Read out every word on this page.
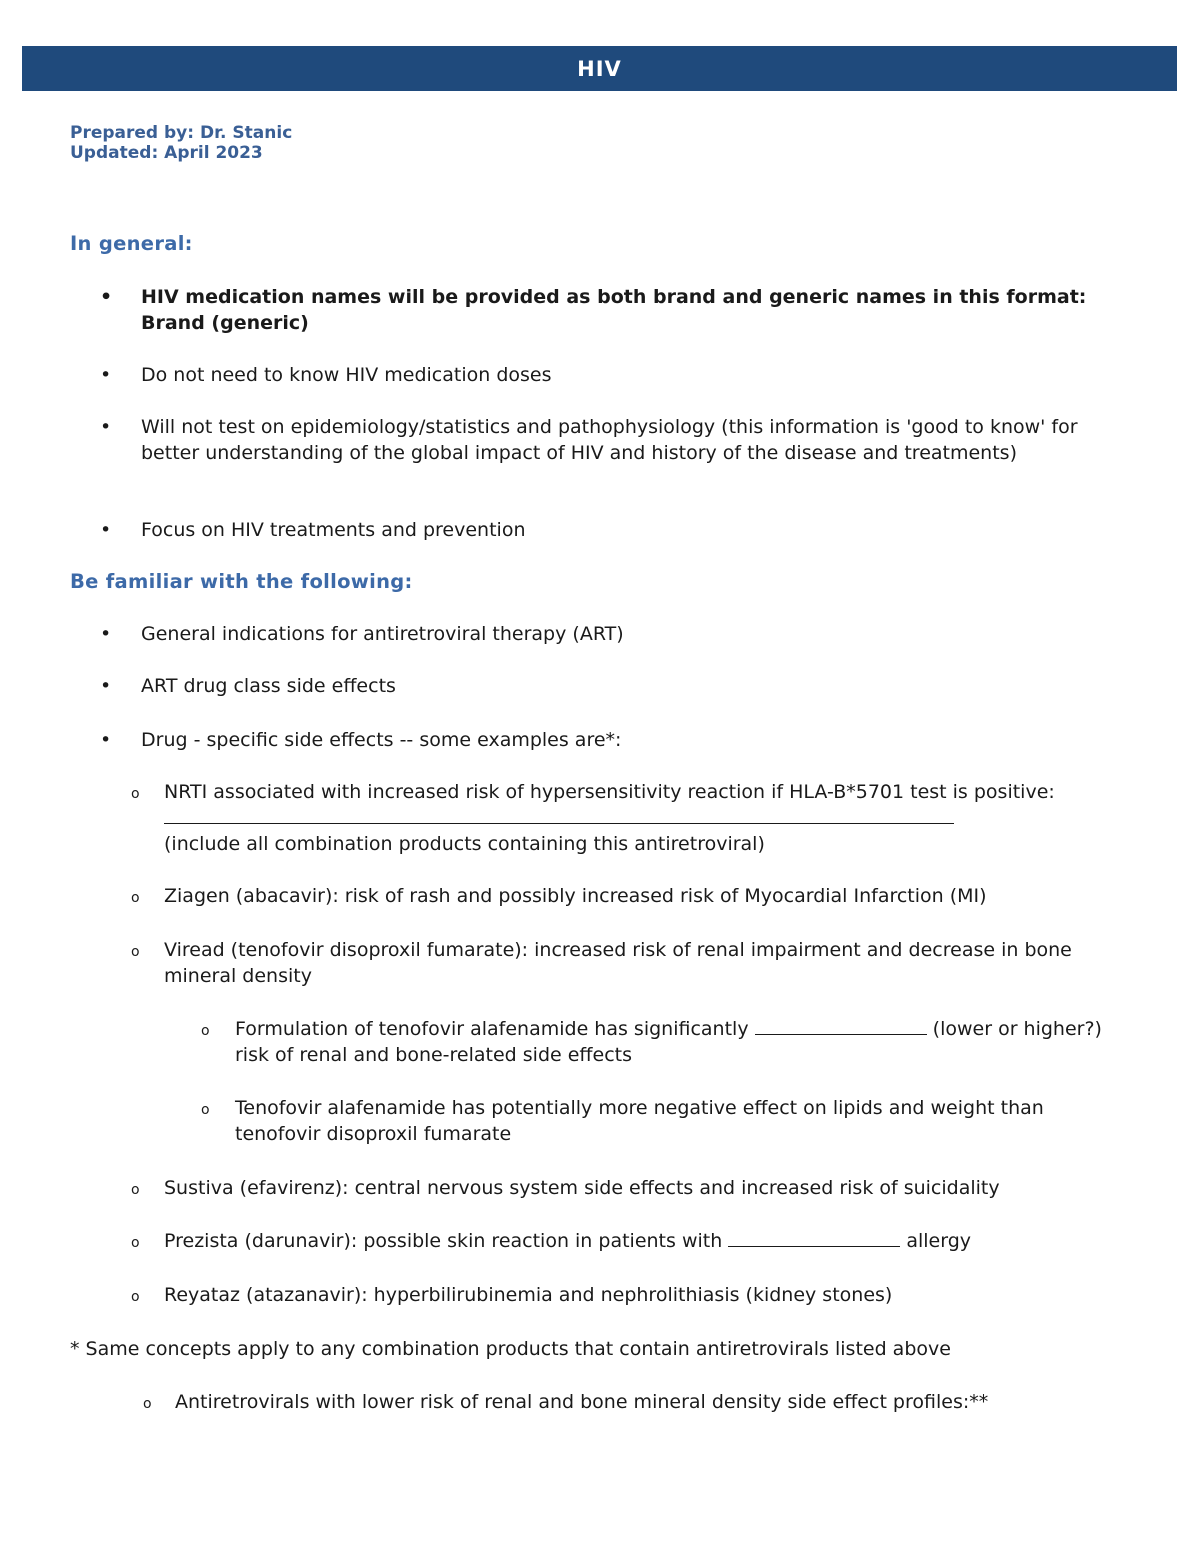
HIV
Prepared by: Dr. Stanic
Updated: April 2023
In general:
•	HIV medication names will be provided as both brand and generic names in this format: Brand (generic)
•	Do not need to know HIV medication doses
•	Will not test on epidemiology/statistics and pathophysiology (this information is 'good to know' for better understanding of the global impact of HIV and history of the disease and treatments)
•	Focus on HIV treatments and prevention
Be familiar with the following:
•	General indications for antiretroviral therapy (ART)
•	ART drug class side effects
•	Drug - specific side effects -- some examples are*:
o NRTI associated with increased risk of hypersensitivity reaction if HLA-B*5701 test is positive:
(include all combination products containing this antiretroviral)
o Ziagen (abacavir): risk of rash and possibly increased risk of Myocardial Infarction (MI)
o Viread (tenofovir disoproxil fumarate): increased risk of renal impairment and decrease in bone mineral density
o Formulation of tenofovir alafenamide has significantly	(lower or higher?) risk of renal and bone-related side effects
o Tenofovir alafenamide has potentially more negative effect on lipids and weight than tenofovir disoproxil fumarate
o Sustiva (efavirenz): central nervous system side effects and increased risk of suicidality
o Prezista (darunavir): possible skin reaction in patients with	allergy
o Reyataz (atazanavir): hyperbilirubinemia and nephrolithiasis (kidney stones)
* Same concepts apply to any combination products that contain antiretrovirals listed above
o Antiretrovirals with lower risk of renal and bone mineral density side effect profiles:**
